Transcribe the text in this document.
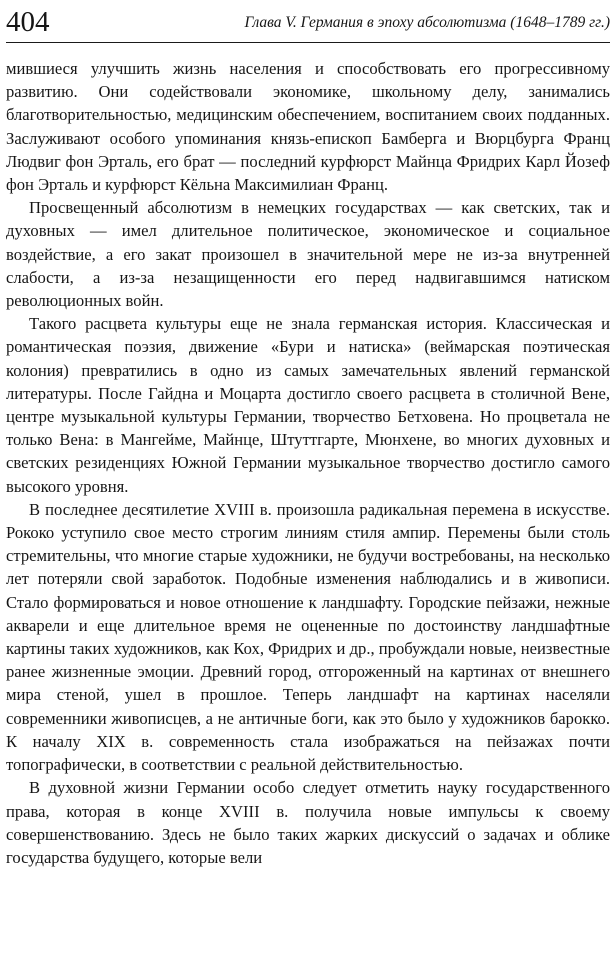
404	Глава V. Германия в эпоху абсолютизма (1648–1789 гг.)

мившиеся улучшить жизнь населения и способствовать его прогрессивному развитию. Они содействовали экономике, школьному делу, занимались благотворительностью, медицинским обеспечением, воспитанием своих подданных. Заслуживают особого упоминания князь-епископ Бамберга и Вюрцбурга Франц Людвиг фон Эрталь, его брат — последний курфюрст Майнца Фридрих Карл Йозеф фон Эрталь и курфюрст Кёльна Максимилиан Франц.

Просвещенный абсолютизм в немецких государствах — как светских, так и духовных — имел длительное политическое, экономическое и социальное воздействие, а его закат произошел в значительной мере не из-за внутренней слабости, а из-за незащищенности его перед надвигавшимся натиском революционных войн.

Такого расцвета культуры еще не знала германская история. Классическая и романтическая поэзия, движение «Бури и натиска» (веймарская поэтическая колония) превратились в одно из самых замечательных явлений германской литературы. После Гайдна и Моцарта достигло своего расцвета в столичной Вене, центре музыкальной культуры Германии, творчество Бетховена. Но процветала не только Вена: в Мангейме, Майнце, Штуттгарте, Мюнхене, во многих духовных и светских резиденциях Южной Германии музыкальное творчество достигло самого высокого уровня.

В последнее десятилетие XVIII в. произошла радикальная перемена в искусстве. Рококо уступило свое место строгим линиям стиля ампир. Перемены были столь стремительны, что многие старые художники, не будучи востребованы, на несколько лет потеряли свой заработок. Подобные изменения наблюдались и в живописи. Стало формироваться и новое отношение к ландшафту. Городские пейзажи, нежные акварели и еще длительное время не оцененные по достоинству ландшафтные картины таких художников, как Кох, Фридрих и др., пробуждали новые, неизвестные ранее жизненные эмоции. Древний город, отгороженный на картинах от внешнего мира стеной, ушел в прошлое. Теперь ландшафт на картинах населяли современники живописцев, а не античные боги, как это было у художников барокко. К началу XIX в. современность стала изображаться на пейзажах почти топографически, в соответствии с реальной действительностью.

В духовной жизни Германии особо следует отметить науку государственного права, которая в конце XVIII в. получила новые импульсы к своему совершенствованию. Здесь не было таких жарких дискуссий о задачах и облике государства будущего, которые вели
